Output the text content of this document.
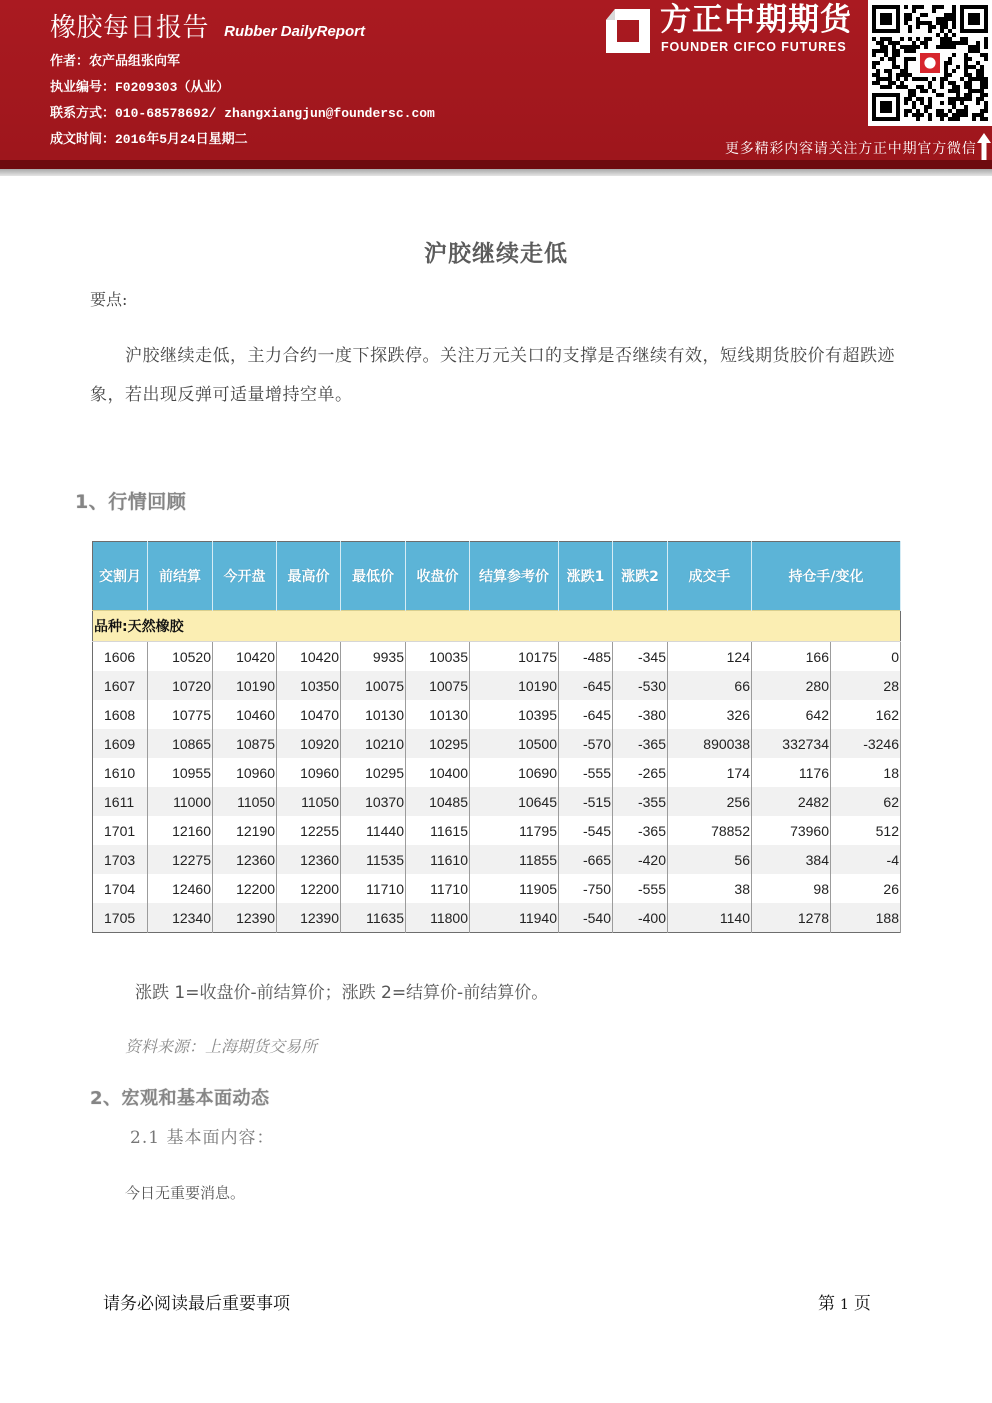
橡胶每日报告 Rubber DailyReport
作者：农产品组张向军
执业编号：F0209303（从业）
联系方式：010-68578692/ zhangxiangjun@foundersc.com
成文时间：2016年5月24日星期二
方正中期期货
FOUNDER CIFCO FUTURES
更多精彩内容请关注方正中期官方微信
沪胶继续走低
要点:
沪胶继续走低，主力合约一度下探跌停。关注万元关口的支撑是否继续有效，短线期货胶价有超跌迹
象，若出现反弹可适量增持空单。
1、行情回顾
交割月	前结算	今开盘	最高价	最低价	收盘价	结算参考价	涨跌1	涨跌2	成交手	持仓手/变化	
品种:天然橡胶											
1606	10520	10420	10420	9935	10035	10175	-485	-345	124	166	0
1607	10720	10190	10350	10075	10075	10190	-645	-530	66	280	28
1608	10775	10460	10470	10130	10130	10395	-645	-380	326	642	162
1609	10865	10875	10920	10210	10295	10500	-570	-365	890038	332734	-3246
1610	10955	10960	10960	10295	10400	10690	-555	-265	174	1176	18
1611	11000	11050	11050	10370	10485	10645	-515	-355	256	2482	62
1701	12160	12190	12255	11440	11615	11795	-545	-365	78852	73960	512
1703	12275	12360	12360	11535	11610	11855	-665	-420	56	384	-4
1704	12460	12200	12200	11710	11710	11905	-750	-555	38	98	26
1705	12340	12390	12390	11635	11800	11940	-540	-400	1140	1278	188
涨跌 1=收盘价-前结算价；涨跌 2=结算价-前结算价。
资料来源：上海期货交易所
2、宏观和基本面动态
2.1 基本面内容：
今日无重要消息。
请务必阅读最后重要事项	第 1 页
